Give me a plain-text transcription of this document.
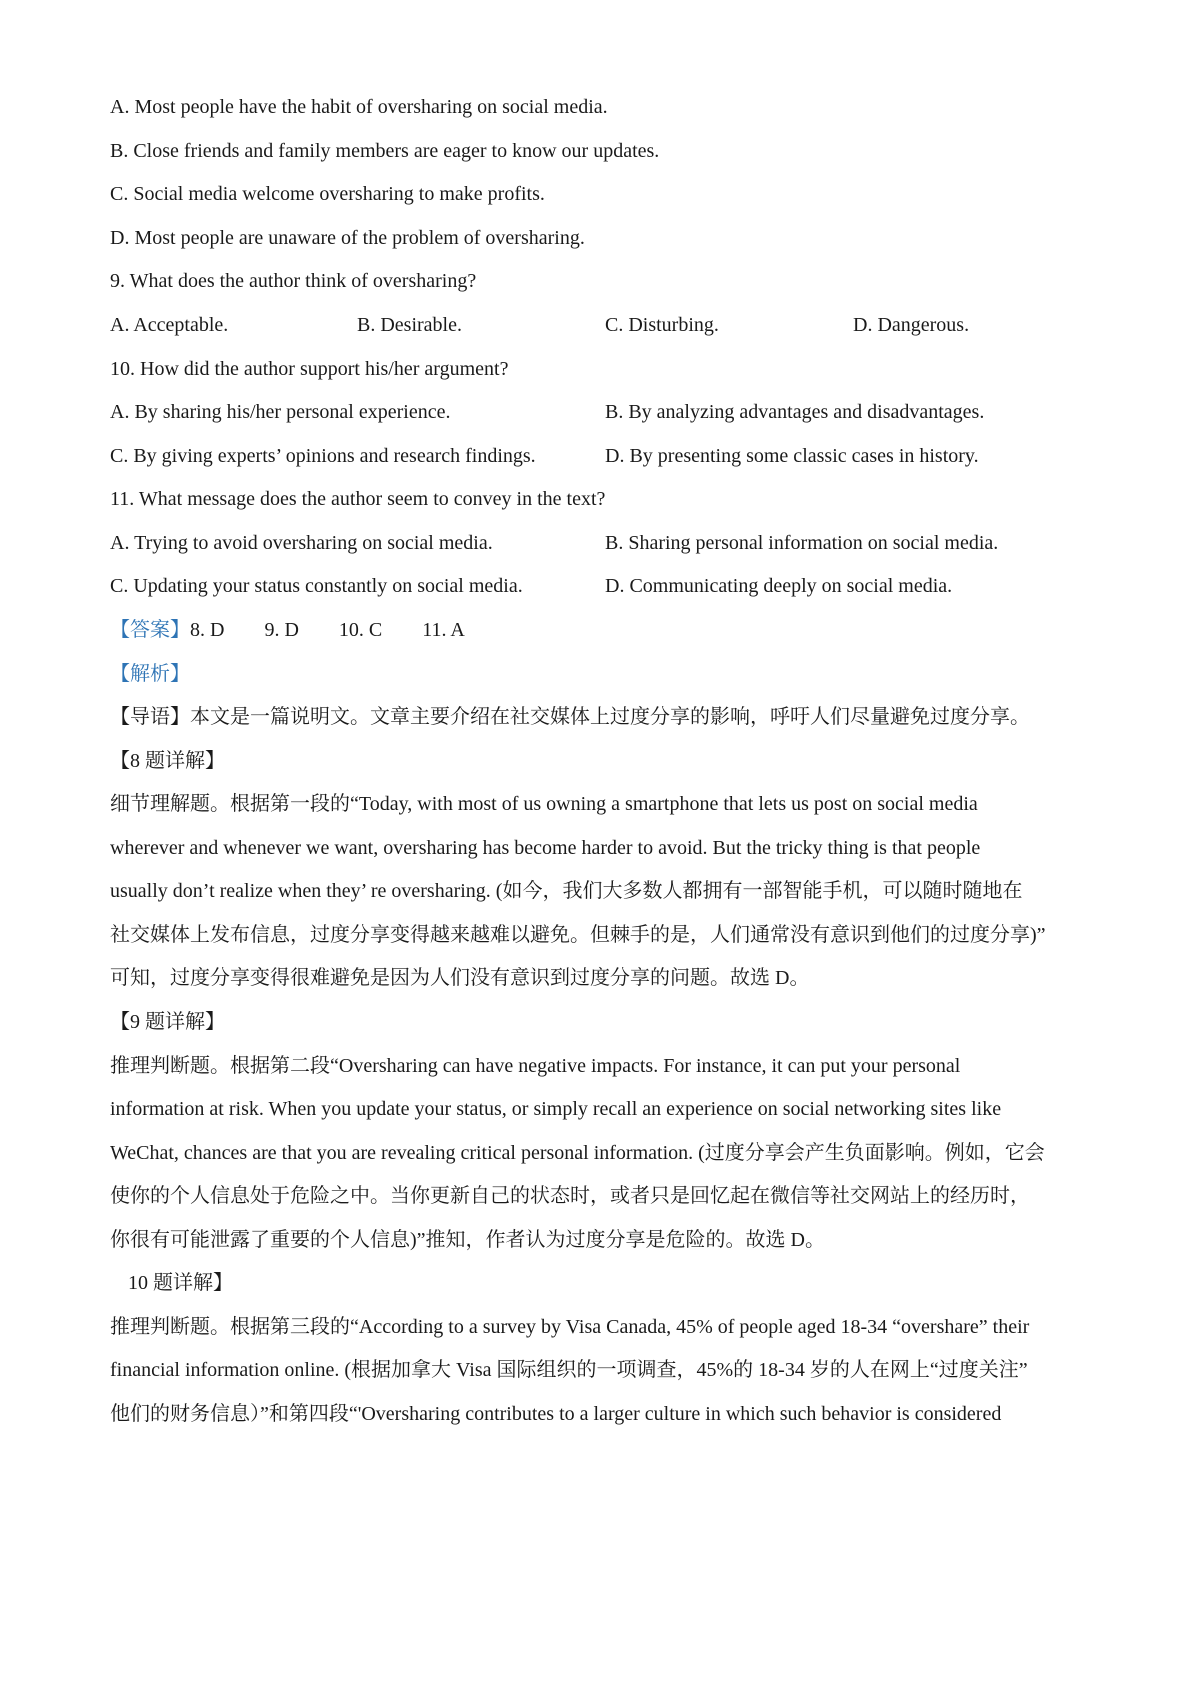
A. Most people have the habit of oversharing on social media.
B. Close friends and family members are eager to know our updates.
C. Social media welcome oversharing to make profits.
D. Most people are unaware of the problem of oversharing.
9. What does the author think of oversharing?
A. Acceptable.	B. Desirable.	C. Disturbing.	D. Dangerous.
10. How did the author support his/her argument?
A. By sharing his/her personal experience.	B. By analyzing advantages and disadvantages.
C. By giving experts’ opinions and research findings.	D. By presenting some classic cases in history.
11. What message does the author seem to convey in the text?
A. Trying to avoid oversharing on social media.	B. Sharing personal information on social media.
C. Updating your status constantly on social media.	D. Communicating deeply on social media.
【答案】8. D 9. D 10. C 11. A
【解析】
【导语】本文是一篇说明文。文章主要介绍在社交媒体上过度分享的影响，呼吁人们尽量避免过度分享。
【8 题详解】
细节理解题。根据第一段的“Today, with most of us owning a smartphone that lets us post on social media
wherever and whenever we want, oversharing has become harder to avoid. But the tricky thing is that people
usually don’t realize when they’ re oversharing. (如今，我们大多数人都拥有一部智能手机，可以随时随地在
社交媒体上发布信息，过度分享变得越来越难以避免。但棘手的是，人们通常没有意识到他们的过度分享)”
可知，过度分享变得很难避免是因为人们没有意识到过度分享的问题。故选 D。
【9 题详解】
推理判断题。根据第二段“Oversharing can have negative impacts. For instance, it can put your personal
information at risk. When you update your status, or simply recall an experience on social networking sites like
WeChat, chances are that you are revealing critical personal information. (过度分享会产生负面影响。例如，它会
使你的个人信息处于危险之中。当你更新自己的状态时，或者只是回忆起在微信等社交网站上的经历时，
你很有可能泄露了重要的个人信息)”推知，作者认为过度分享是危险的。故选 D。
10 题详解】
推理判断题。根据第三段的“According to a survey by Visa Canada, 45% of people aged 18-34 “overshare” their
financial information online. (根据加拿大 Visa 国际组织的一项调查，45%的 18-34 岁的人在网上“过度关注”
他们的财务信息）”和第四段“'Oversharing contributes to a larger culture in which such behavior is considered
